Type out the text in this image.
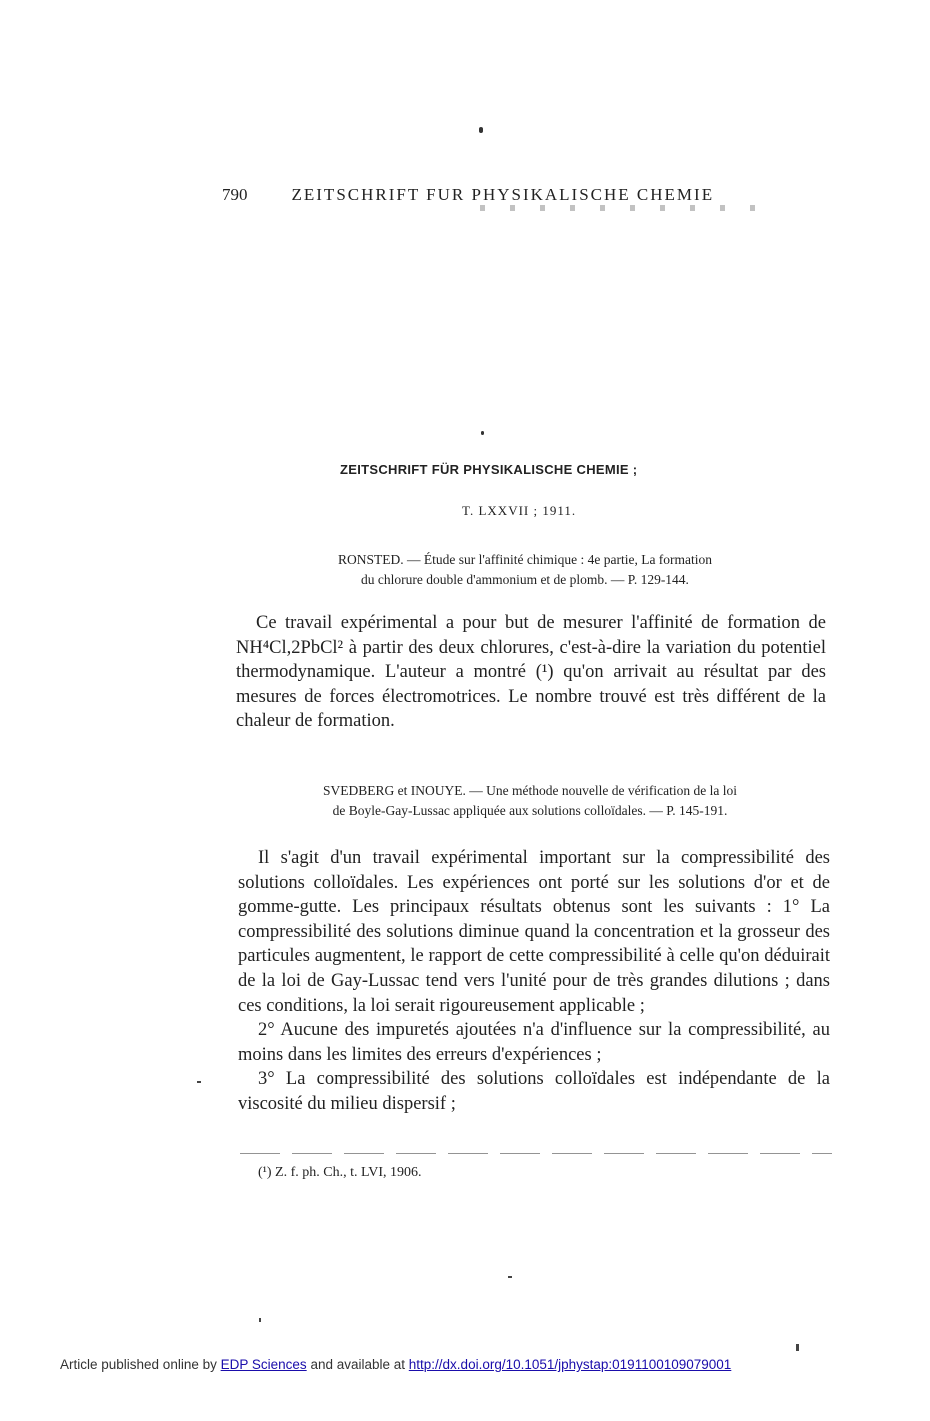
790	ZEITSCHRIFT FUR PHYSIKALISCHE CHEMIE
ZEITSCHRIFT FÜR PHYSIKALISCHE CHEMIE ;
T. LXXVII ; 1911.
RONSTED. — Étude sur l'affinité chimique : 4e partie, La formation
du chlorure double d'ammonium et de plomb. — P. 129-144.

Ce travail expérimental a pour but de mesurer l'affinité de formation de NH⁴Cl,2PbCl² à partir des deux chlorures, c'est-à-dire la variation du potentiel thermodynamique. L'auteur a montré (¹) qu'on arrivait au résultat par des mesures de forces électromotrices. Le nombre trouvé est très différent de la chaleur de formation.

SVEDBERG et INOUYE. — Une méthode nouvelle de vérification de la loi
de Boyle-Gay-Lussac appliquée aux solutions colloïdales. — P. 145-191.

Il s'agit d'un travail expérimental important sur la compressibilité des solutions colloïdales. Les expériences ont porté sur les solutions d'or et de gomme-gutte. Les principaux résultats obtenus sont les suivants : 1° La compressibilité des solutions diminue quand la concentration et la grosseur des particules augmentent, le rapport de cette compressibilité à celle qu'on déduirait de la loi de Gay-Lussac tend vers l'unité pour de très grandes dilutions ; dans ces conditions, la loi serait rigoureusement applicable ;

2° Aucune des impuretés ajoutées n'a d'influence sur la compressibilité, au moins dans les limites des erreurs d'expériences ;

3° La compressibilité des solutions colloïdales est indépendante de la viscosité du milieu dispersif ;

(¹) Z. f. ph. Ch., t. LVI, 1906.
Article published online by EDP Sciences and available at http://dx.doi.org/10.1051/jphystap:0191100109079001
